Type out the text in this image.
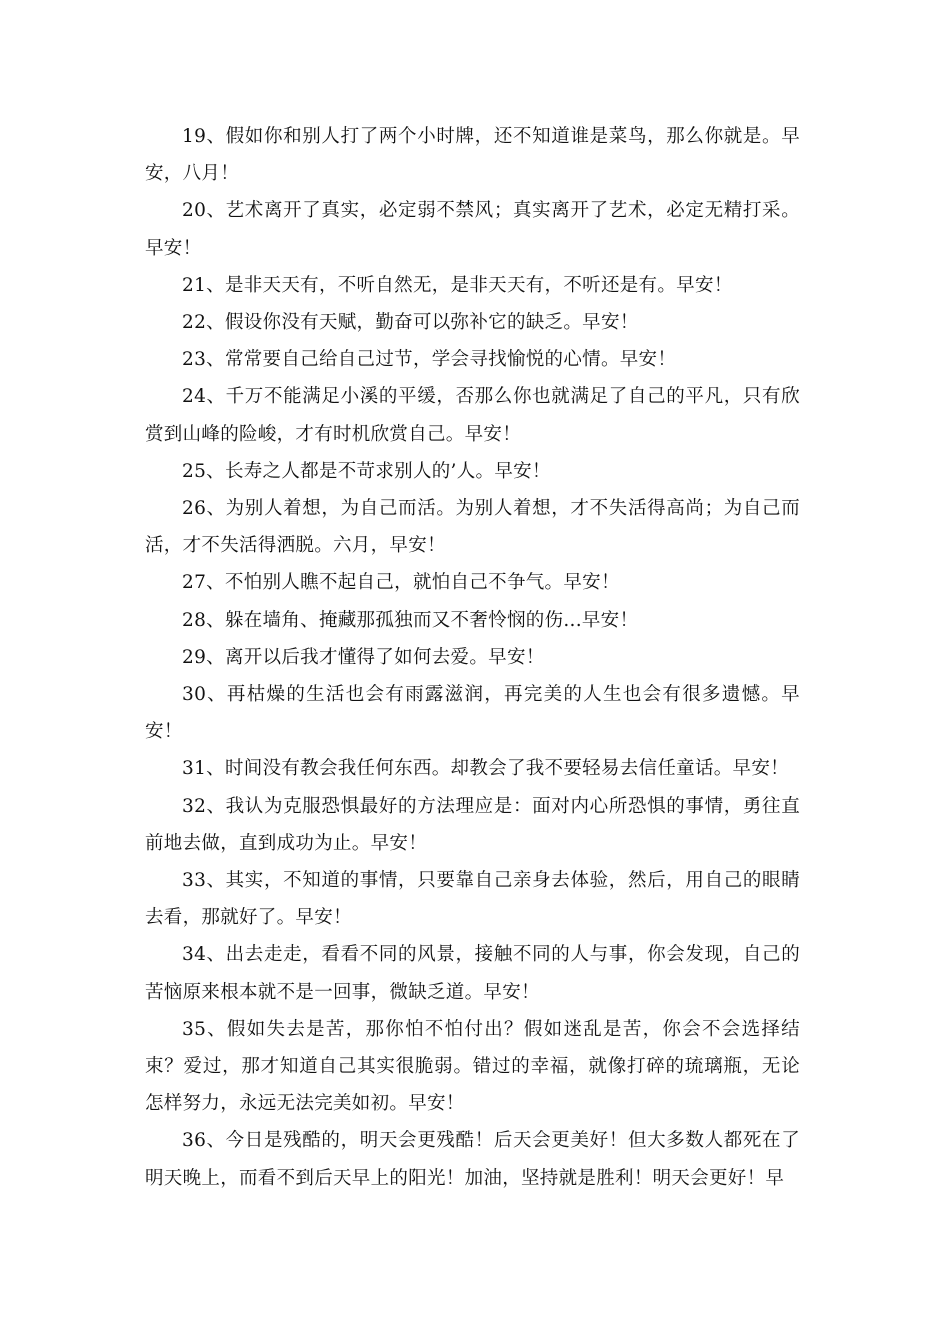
19、假如你和别人打了两个小时牌，还不知道谁是菜鸟，那么你就是。早安，八月！

20、艺术离开了真实，必定弱不禁风；真实离开了艺术，必定无精打采。早安！

21、是非天天有，不听自然无，是非天天有，不听还是有。早安！

22、假设你没有天赋，勤奋可以弥补它的缺乏。早安！

23、常常要自己给自己过节，学会寻找愉悦的心情。早安！

24、千万不能满足小溪的平缓，否那么你也就满足了自己的平凡，只有欣赏到山峰的险峻，才有时机欣赏自己。早安！

25、长寿之人都是不苛求别人的’人。早安！

26、为别人着想，为自己而活。为别人着想，才不失活得高尚；为自己而活，才不失活得洒脱。六月，早安！

27、不怕别人瞧不起自己，就怕自己不争气。早安！

28、躲在墙角、掩藏那孤独而又不奢怜悯的伤...早安！

29、离开以后我才懂得了如何去爱。早安！

30、再枯燥的生活也会有雨露滋润，再完美的人生也会有很多遗憾。早安！

31、时间没有教会我任何东西。却教会了我不要轻易去信任童话。早安！

32、我认为克服恐惧最好的方法理应是：面对内心所恐惧的事情，勇往直前地去做，直到成功为止。早安！

33、其实，不知道的事情，只要靠自己亲身去体验，然后，用自己的眼睛去看，那就好了。早安！

34、出去走走，看看不同的风景，接触不同的人与事，你会发现，自己的苦恼原来根本就不是一回事，微缺乏道。早安！

35、假如失去是苦，那你怕不怕付出？假如迷乱是苦，你会不会选择结束？爱过，那才知道自己其实很脆弱。错过的幸福，就像打碎的琉璃瓶，无论怎样努力，永远无法完美如初。早安！

36、今日是残酷的，明天会更残酷！后天会更美好！但大多数人都死在了明天晚上，而看不到后天早上的阳光！加油，坚持就是胜利！明天会更好！早
